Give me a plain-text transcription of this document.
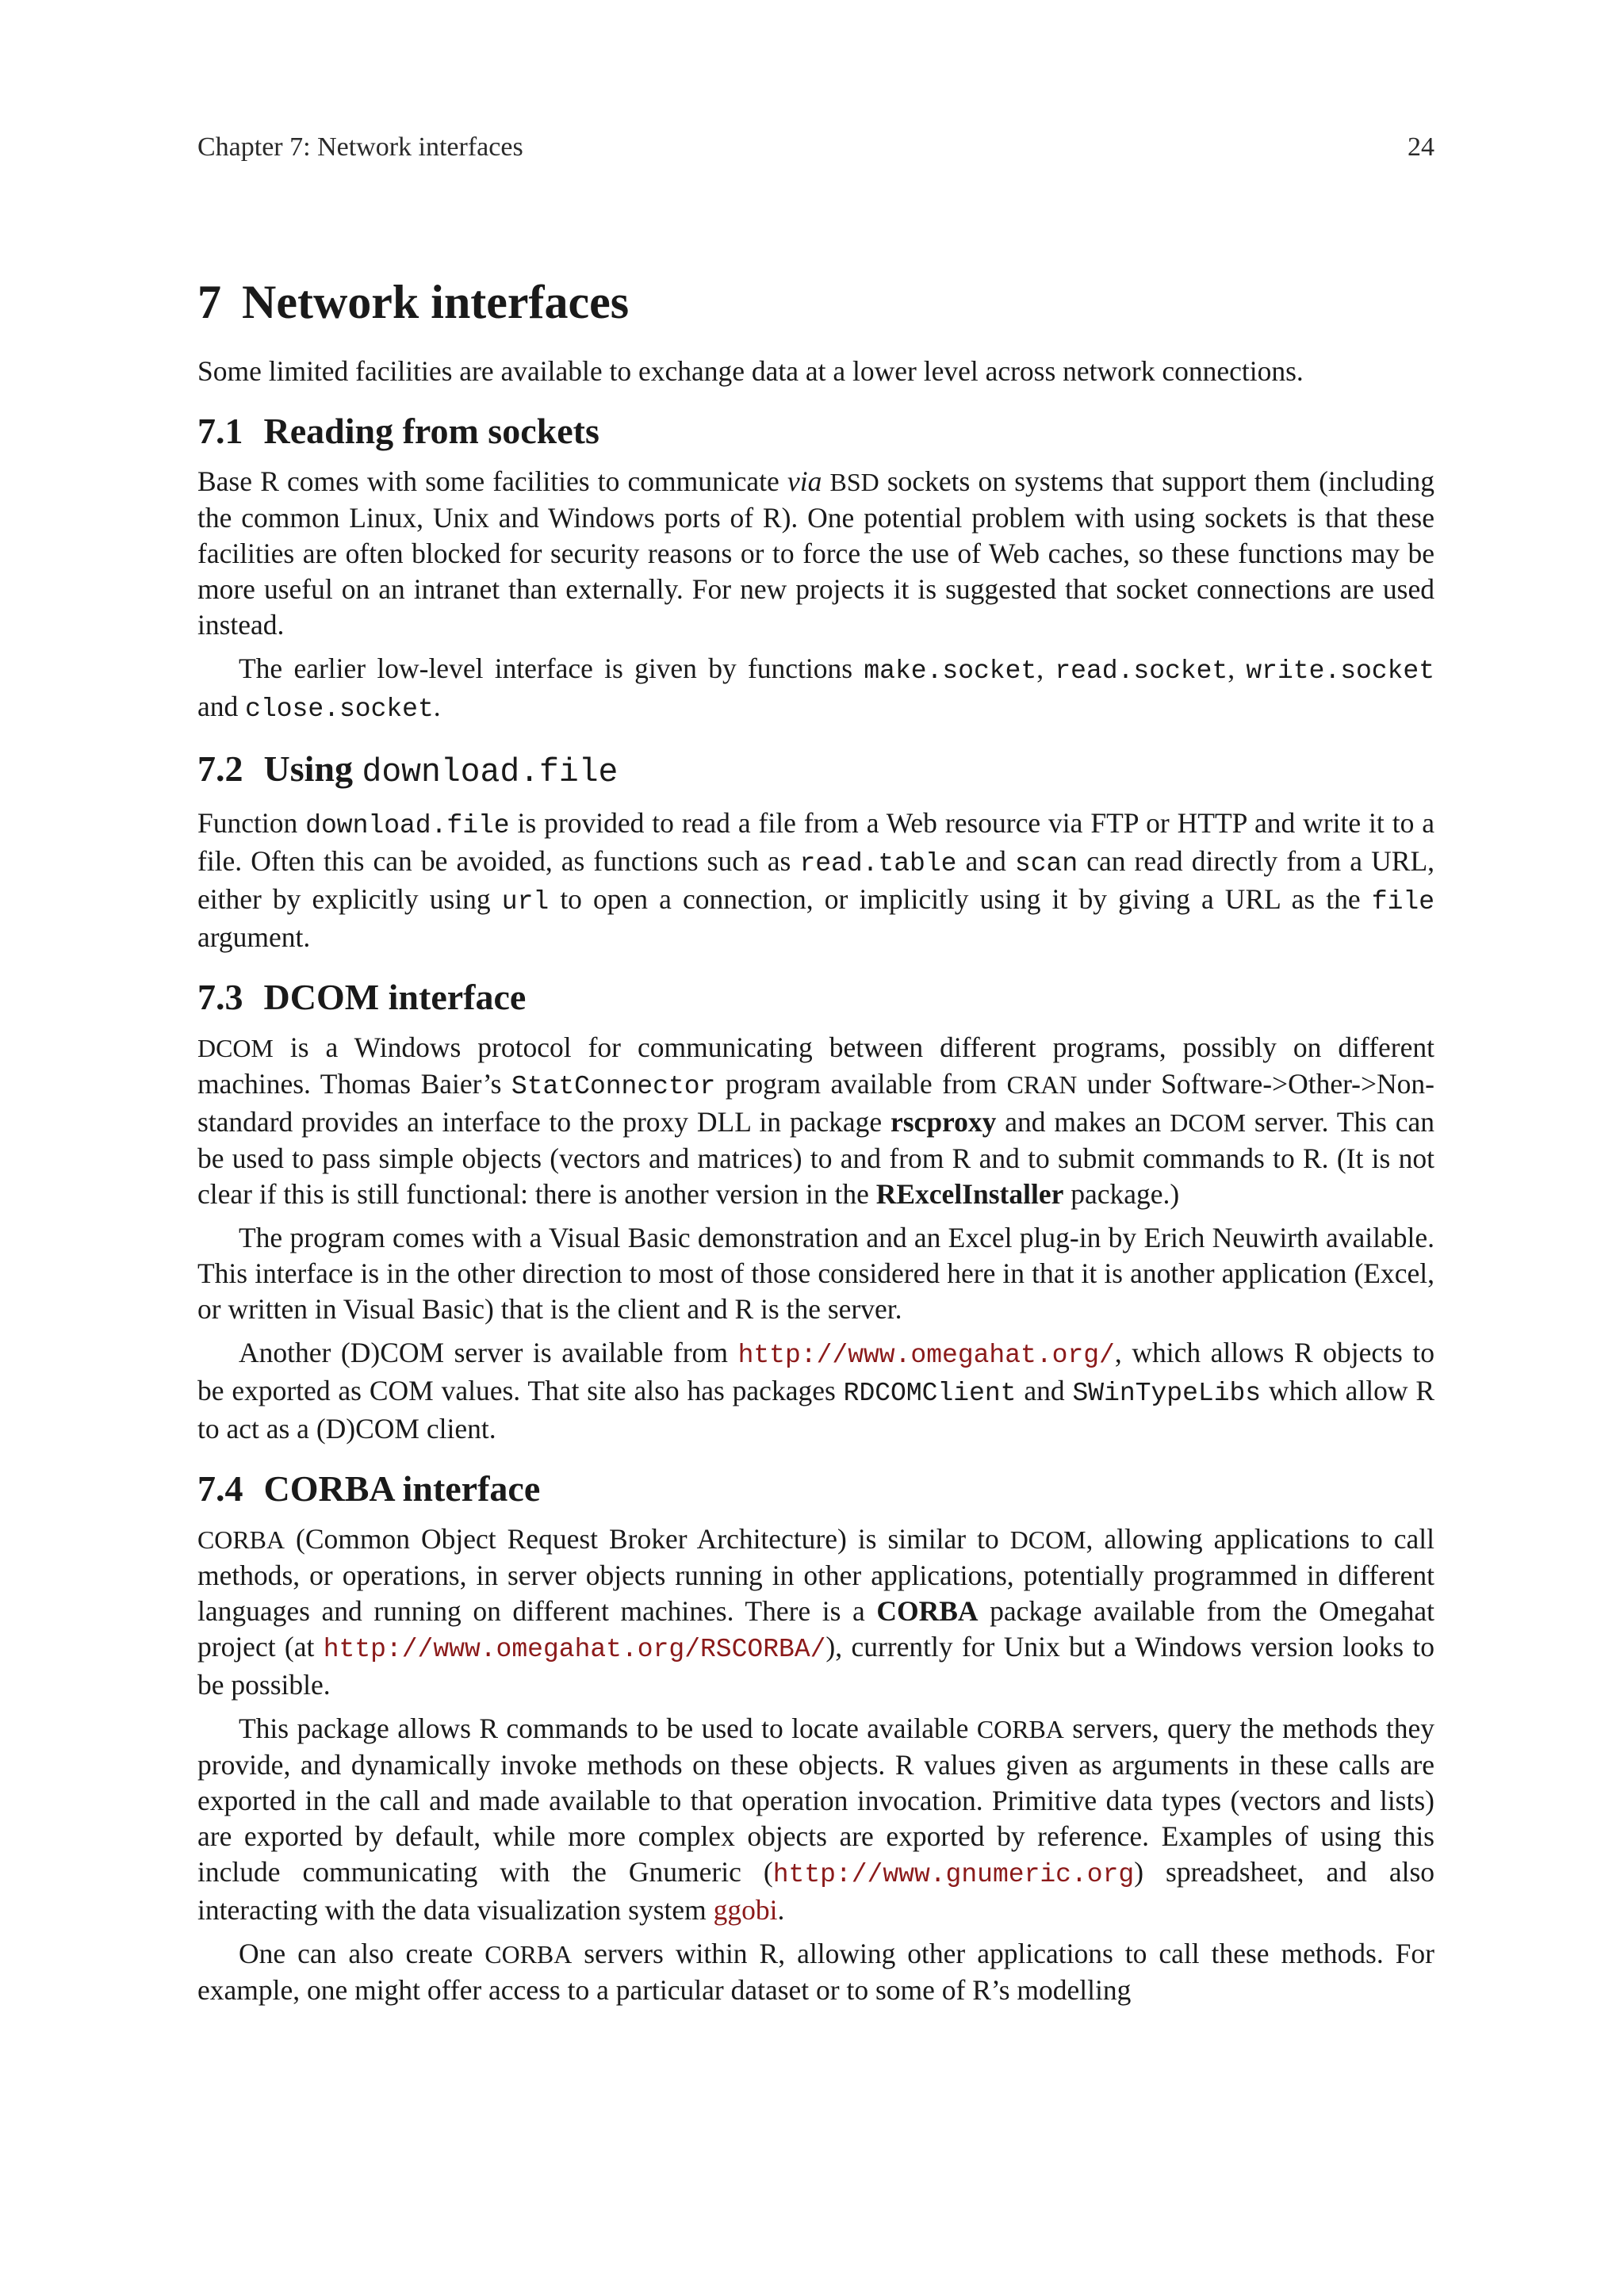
Chapter 7: Network interfaces	24
7 Network interfaces

Some limited facilities are available to exchange data at a lower level across network connections.

7.1 Reading from sockets

Base R comes with some facilities to communicate via BSD sockets on systems that support them (including the common Linux, Unix and Windows ports of R). One potential problem with using sockets is that these facilities are often blocked for security reasons or to force the use of Web caches, so these functions may be more useful on an intranet than externally. For new projects it is suggested that socket connections are used instead.

The earlier low-level interface is given by functions make.socket, read.socket, write.socket and close.socket.

7.2 Using download.file

Function download.file is provided to read a file from a Web resource via FTP or HTTP and write it to a file. Often this can be avoided, as functions such as read.table and scan can read directly from a URL, either by explicitly using url to open a connection, or implicitly using it by giving a URL as the file argument.

7.3 DCOM interface

DCOM is a Windows protocol for communicating between different programs, possibly on different machines. Thomas Baier’s StatConnector program available from CRAN under Software->Other->Non-standard provides an interface to the proxy DLL in package rscproxy and makes an DCOM server. This can be used to pass simple objects (vectors and matrices) to and from R and to submit commands to R. (It is not clear if this is still functional: there is another version in the RExcelInstaller package.)

The program comes with a Visual Basic demonstration and an Excel plug-in by Erich Neuwirth available. This interface is in the other direction to most of those considered here in that it is another application (Excel, or written in Visual Basic) that is the client and R is the server.

Another (D)COM server is available from http://www.omegahat.org/, which allows R objects to be exported as COM values. That site also has packages RDCOMClient and SWinTypeLibs which allow R to act as a (D)COM client.

7.4 CORBA interface

CORBA (Common Object Request Broker Architecture) is similar to DCOM, allowing applications to call methods, or operations, in server objects running in other applications, potentially programmed in different languages and running on different machines. There is a CORBA package available from the Omegahat project (at http://www.omegahat.org/RSCORBA/), currently for Unix but a Windows version looks to be possible.

This package allows R commands to be used to locate available CORBA servers, query the methods they provide, and dynamically invoke methods on these objects. R values given as arguments in these calls are exported in the call and made available to that operation invocation. Primitive data types (vectors and lists) are exported by default, while more complex objects are exported by reference. Examples of using this include communicating with the Gnumeric (http://www.gnumeric.org) spreadsheet, and also interacting with the data visualization system ggobi.

One can also create CORBA servers within R, allowing other applications to call these methods. For example, one might offer access to a particular dataset or to some of R’s modelling
